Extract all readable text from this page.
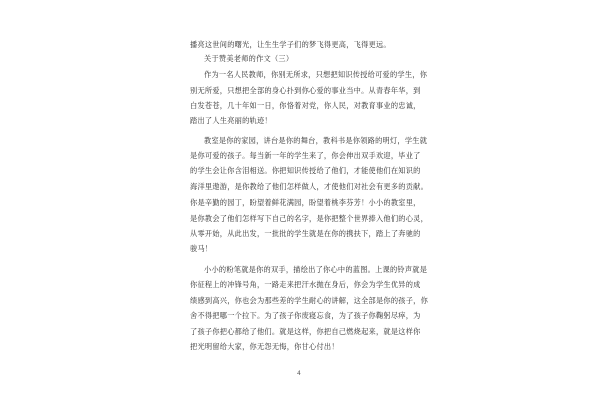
播亮这世间的曙光，让生生学子们的梦飞得更高，飞得更远。
关于赞美老师的作文（三）
作为一名人民教师，你别无所求，只想把知识传授给可爱的学生，你
别无所爱，只想把全部的身心扑到你心爱的事业当中。从青春年华，到
白发苍苍，几十年如一日，你恪着对党，你人民，对教育事业的忠诚，
踏出了人生亮丽的轨迹！
教室是你的家园，讲台是你的舞台，教科书是你领路的明灯，学生就
是你可爱的孩子。每当新一年的学生来了，你会伸出双手欢迎，毕业了
的学生会让你含泪相送。你把知识传授给了他们，才能使他们在知识的
海洋里遨游，是你教给了他们怎样做人，才使他们对社会有更多的贡献。
你是辛勤的园丁，盼望着鲜花满园，盼望着桃李芬芳！小小的教室里，
是你教会了他们怎样写下自己的名字，是你把整个世界捧入他们的心灵，
从零开始，从此出发，一批批的学生就是在你的携扶下，踏上了奔驰的
骏马！
小小的粉笔就是你的双手，描绘出了你心中的蓝图。上课的铃声就是
你征程上的冲锋号角，一路走来把汗水抛在身后，你会为学生优异的成
绩感到高兴，你也会为那些差的学生耐心的讲解，这全部是你的孩子，你
舍不得把哪一个拉下。为了孩子你废寝忘食，为了孩子你鞠躬尽瘁，为
了孩子你把心都给了他们。就是这样，你把自己燃烧起来，就是这样你
把光明留给大家，你无怨无悔，你甘心付出！
4
